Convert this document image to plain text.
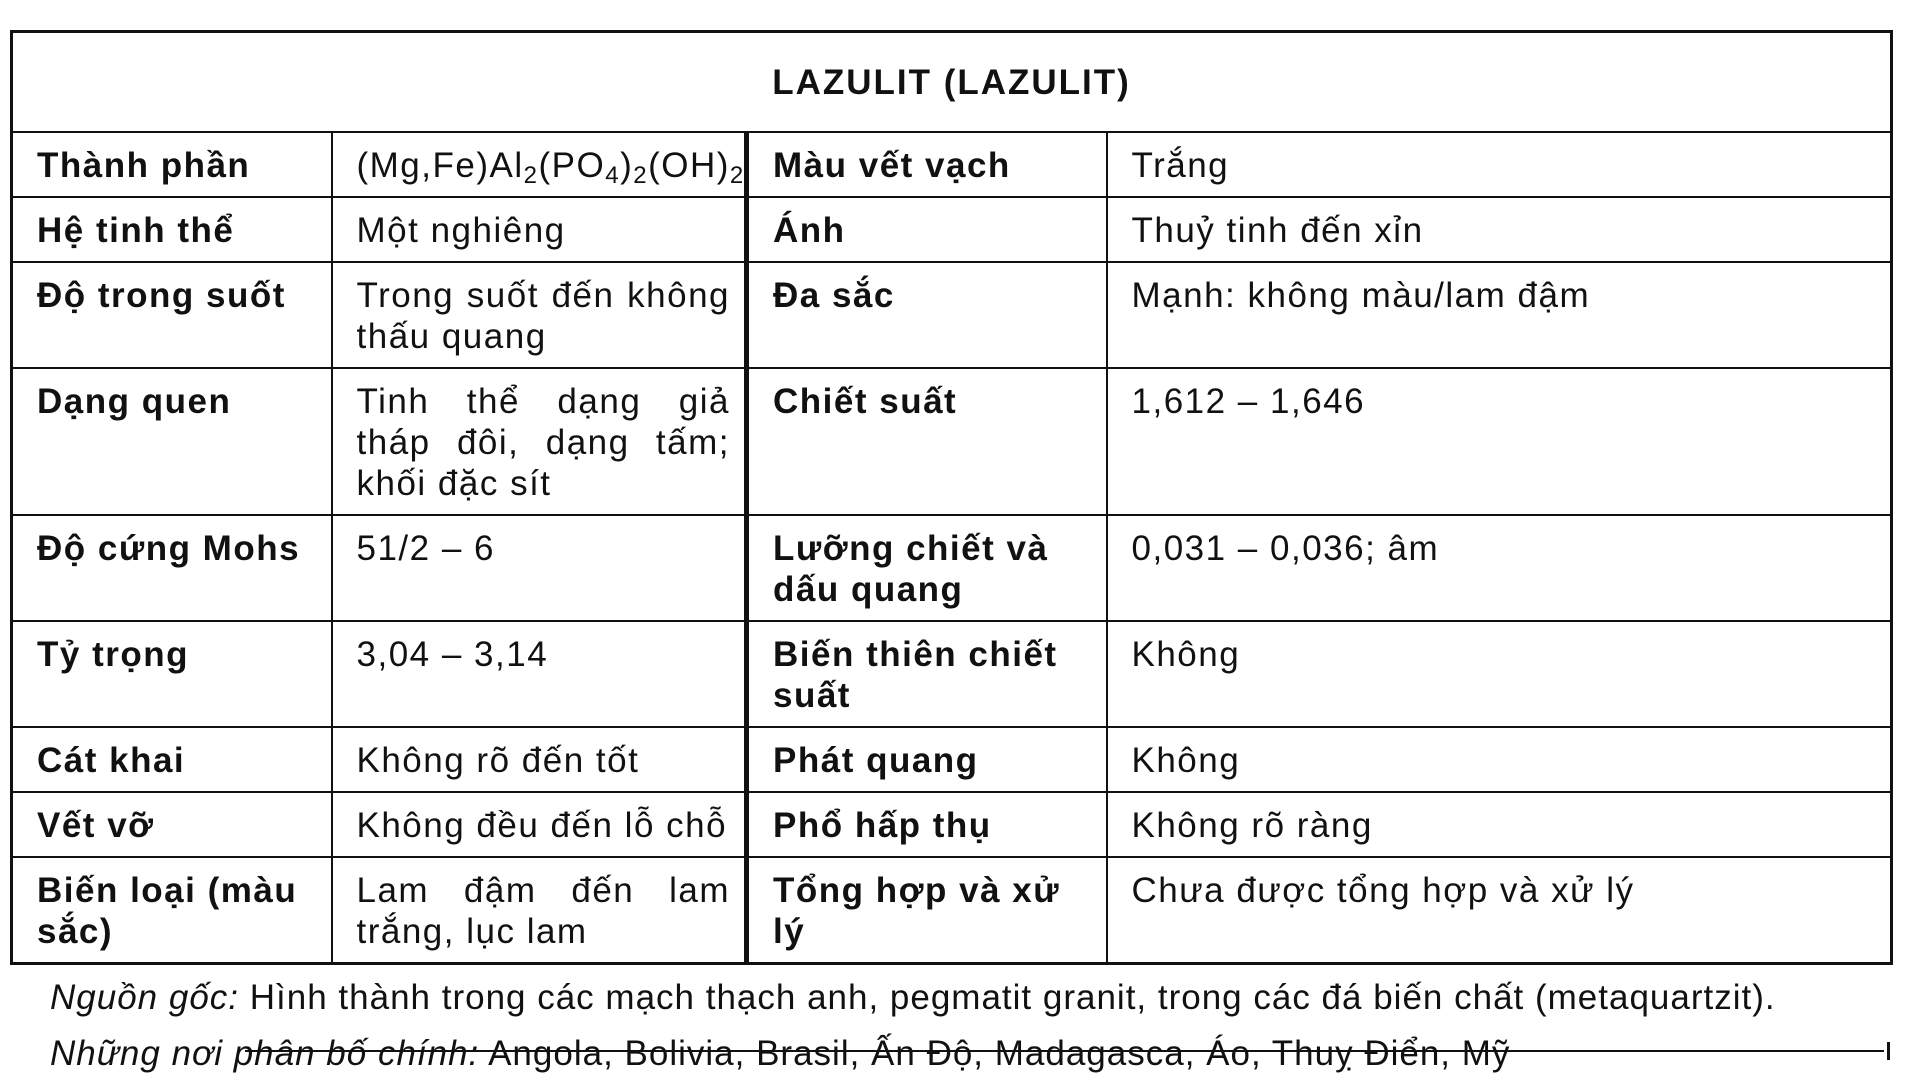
LAZULIT (LAZULIT)			
Thành phần	$(Mg,Fe)Al_2(PO_4)_2(OH)_2$	Màu vết vạch	Trắng
Hệ tinh thể	Một nghiêng	Ánh	Thuỷ tinh đến xỉn
Độ trong suốt	Trong suốt đến không thấu quang	Đa sắc	Mạnh: không màu/lam đậm
Dạng quen	Tinh thể dạng giả tháp đôi, dạng tấm; khối đặc sít	Chiết suất	1,612 – 1,646
Độ cứng Mohs	51/2 – 6	Lưỡng chiết và dấu quang	0,031 – 0,036; âm
Tỷ trọng	3,04 – 3,14	Biến thiên chiết suất	Không
Cát khai	Không rõ đến tốt	Phát quang	Không
Vết vỡ	Không đều đến lỗ chỗ	Phổ hấp thụ	Không rõ ràng
Biến loại (màu sắc)	Lam đậm đến lam trắng, lục lam	Tổng hợp và xử lý	Chưa được tổng hợp và xử lý

Nguồn gốc: Hình thành trong các mạch thạch anh, pegmatit granit, trong các đá biến chất (metaquartzit).

Những nơi phân bố chính: Angola, Bolivia, Brasil, Ấn Độ, Madagasca, Áo, Thuỵ Điển, Mỹ
